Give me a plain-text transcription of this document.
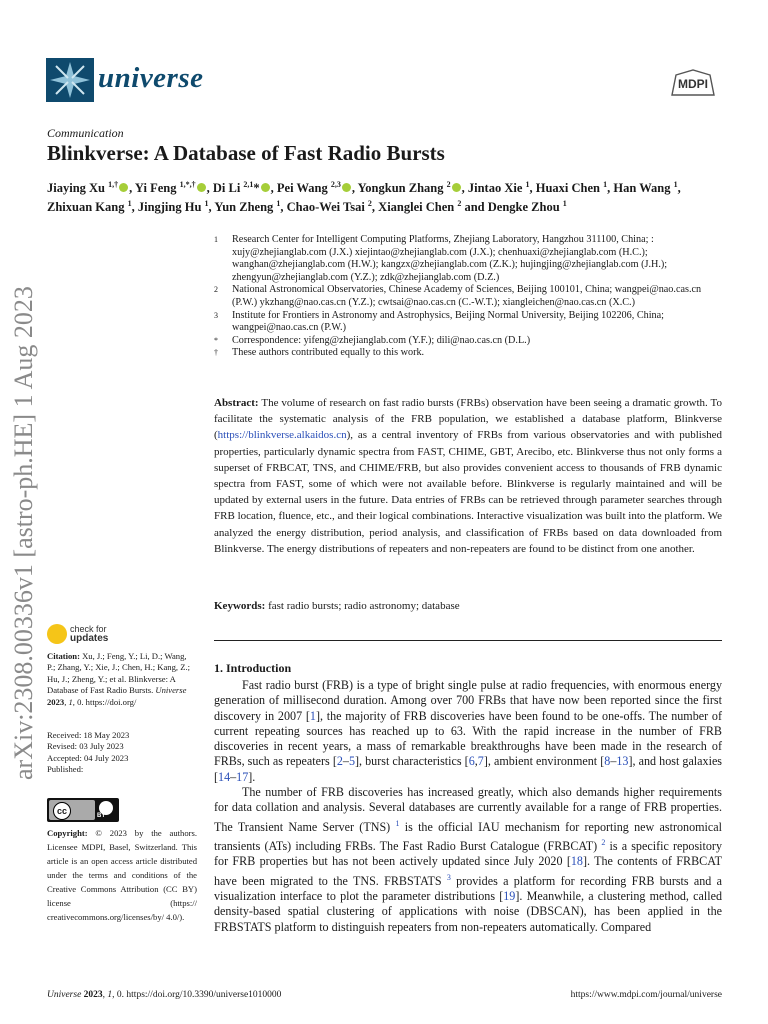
universe	MDPI
Communication
Blinkverse: A Database of Fast Radio Bursts
Jiaying Xu $^{1,\dagger}$ , Yi Feng $^{1,*,\dagger}$ , Di Li $^{2,1}$* , Pei Wang $^{2,3}$ , Yongkun Zhang $^2$ , Jintao Xie $^1$, Huaxi Chen $^1$, Han Wang $^1$, Zhixuan Kang $^1$, Jingjing Hu $^1$, Yun Zheng $^1$, Chao-Wei Tsai $^2$, Xianglei Chen $^2$ and Dengke Zhou $^1$
1	Research Center for Intelligent Computing Platforms, Zhejiang Laboratory, Hangzhou 311100, China; : xujy@zhejianglab.com (J.X.) xiejintao@zhejianglab.com (J.X.); chenhuaxi@zhejianglab.com (H.C.); wanghan@zhejianglab.com (H.W.); kangzx@zhejianglab.com (Z.K.); hujingjing@zhejianglab.com (J.H.); zhengyun@zhejianglab.com (Y.Z.); zdk@zhejianglab.com (D.Z.)
2	National Astronomical Observatories, Chinese Academy of Sciences, Beijing 100101, China; wangpei@nao.cas.cn (P.W.) ykzhang@nao.cas.cn (Y.Z.); cwtsai@nao.cas.cn (C.-W.T.); xiangleichen@nao.cas.cn (X.C.)
3	Institute for Frontiers in Astronomy and Astrophysics, Beijing Normal University, Beijing 102206, China; wangpei@nao.cas.cn (P.W.)
*	Correspondence: yifeng@zhejianglab.com (Y.F.); dili@nao.cas.cn (D.L.)
†	These authors contributed equally to this work.
arXiv:2308.00336v1 [astro-ph.HE] 1 Aug 2023	Abstract: The volume of research on fast radio bursts (FRBs) observation have been seeing a dramatic growth. To facilitate the systematic analysis of the FRB population, we established a database platform, Blinkverse (https://blinkverse.alkaidos.cn), as a central inventory of FRBs from various observatories and with published properties, particularly dynamic spectra from FAST, CHIME, GBT, Arecibo, etc. Blinkverse thus not only forms a superset of FRBCAT, TNS, and CHIME/FRB, but also provides convenient access to thousands of FRB dynamic spectra from FAST, some of which were not available before. Blinkverse is regularly maintained and will be updated by external users in the future. Data entries of FRBs can be retrieved through parameter searches through FRB location, fluence, etc., and their logical combinations. Interactive visualization was built into the platform. We analyzed the energy distribution, period analysis, and classification of FRBs based on data downloaded from Blinkverse. The energy distributions of repeaters and non-repeaters are found to be distinct from one another.
Keywords: fast radio bursts; radio astronomy; database
check for
updates
Citation: Xu, J.; Feng, Y.; Li, D.; Wang, P.; Zhang, Y.; Xie, J.; Chen, H.; Kang, Z.; Hu, J.; Zheng, Y.; et al. Blinkverse: A Database of Fast Radio Bursts. Universe 2023, 1, 0. https://doi.org/
Received: 18 May 2023
Revised: 03 July 2023
Accepted: 04 July 2023
Published:
cc	BY
Copyright: © 2023 by the authors. Licensee MDPI, Basel, Switzerland. This article is an open access article distributed under the terms and conditions of the Creative Commons Attribution (CC BY) license (https:// creativecommons.org/licenses/by/ 4.0/).
1. Introduction

Fast radio burst (FRB) is a type of bright single pulse at radio frequencies, with enormous energy generation of millisecond duration. Among over 700 FRBs that have now been reported since the first discovery in 2007 [1], the majority of FRB discoveries have been found to be one-offs. The number of current repeating sources has reached up to 63. With the rapid increase in the number of FRB discoveries in recent years, a mass of remarkable breakthroughs have been made in the research of FRBs, such as repeaters [2–5], burst characteristics [6,7], ambient environment [8–13], and host galaxies [14–17].

The number of FRB discoveries has increased greatly, which also demands higher requirements for data collation and analysis. Several databases are currently available for a range of FRB properties. The Transient Name Server (TNS) $^1$ is the official IAU mechanism for reporting new astronomical transients (ATs) including FRBs. The Fast Radio Burst Catalogue (FRBCAT) $^2$ is a specific repository for FRB properties but has not been actively updated since July 2020 [18]. The contents of FRBCAT have been migrated to the TNS. FRBSTATS $^3$ provides a platform for recording FRB bursts and a visualization interface to plot the parameter distributions [19]. Meanwhile, a clustering method, called density-based spatial clustering of applications with noise (DBSCAN), has been applied in the FRBSTATS platform to distinguish repeaters from non-repeaters automatically. Compared

Universe 2023, 1, 0. https://doi.org/10.3390/universe1010000	https://www.mdpi.com/journal/universe
